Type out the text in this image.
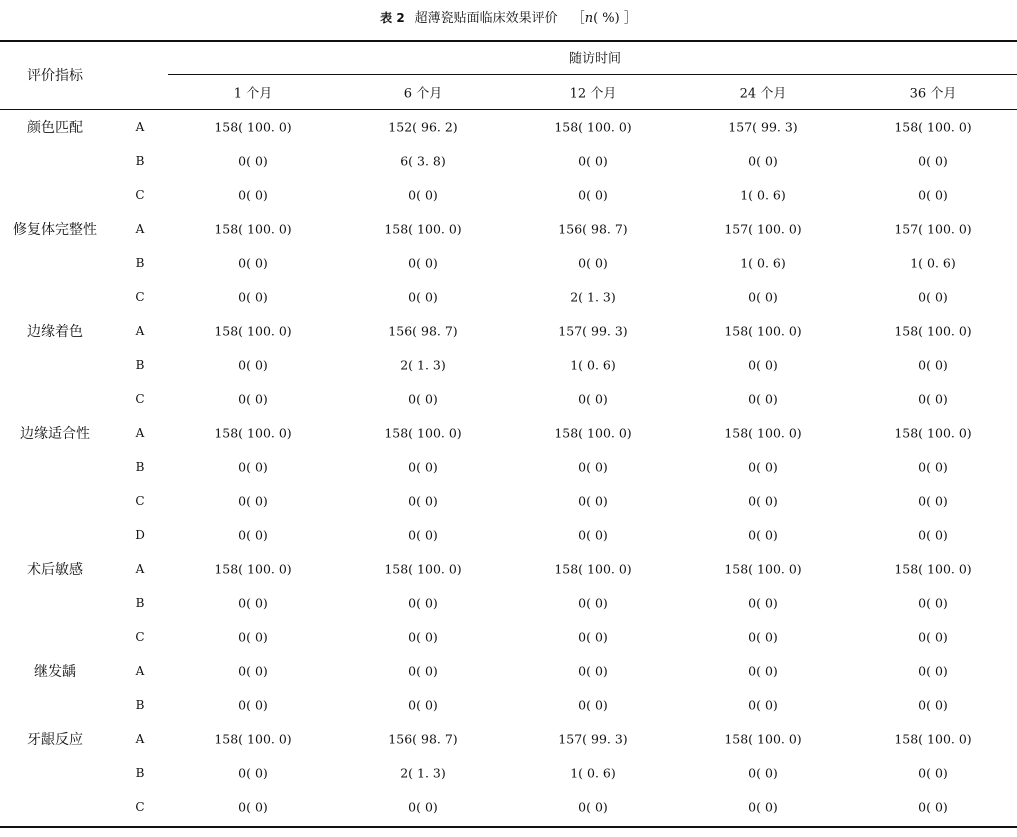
表 2 超薄瓷贴面临床效果评价 ［n( %) ］
评价指标
随访时间
1 个月	6 个月	12 个月	24 个月	36 个月
颜色匹配	A	158( 100. 0)	152( 96. 2)	158( 100. 0)	157( 99. 3)	158( 100. 0)
B	0( 0)	6( 3. 8)	0( 0)	0( 0)	0( 0)
C	0( 0)	0( 0)	0( 0)	1( 0. 6)	0( 0)
修复体完整性	A	158( 100. 0)	158( 100. 0)	156( 98. 7)	157( 100. 0)	157( 100. 0)
B	0( 0)	0( 0)	0( 0)	1( 0. 6)	1( 0. 6)
C	0( 0)	0( 0)	2( 1. 3)	0( 0)	0( 0)
边缘着色	A	158( 100. 0)	156( 98. 7)	157( 99. 3)	158( 100. 0)	158( 100. 0)
B	0( 0)	2( 1. 3)	1( 0. 6)	0( 0)	0( 0)
C	0( 0)	0( 0)	0( 0)	0( 0)	0( 0)
边缘适合性	A	158( 100. 0)	158( 100. 0)	158( 100. 0)	158( 100. 0)	158( 100. 0)
B	0( 0)	0( 0)	0( 0)	0( 0)	0( 0)
C	0( 0)	0( 0)	0( 0)	0( 0)	0( 0)
D	0( 0)	0( 0)	0( 0)	0( 0)	0( 0)
术后敏感	A	158( 100. 0)	158( 100. 0)	158( 100. 0)	158( 100. 0)	158( 100. 0)
B	0( 0)	0( 0)	0( 0)	0( 0)	0( 0)
C	0( 0)	0( 0)	0( 0)	0( 0)	0( 0)
继发龋	A	0( 0)	0( 0)	0( 0)	0( 0)	0( 0)
B	0( 0)	0( 0)	0( 0)	0( 0)	0( 0)
牙龈反应	A	158( 100. 0)	156( 98. 7)	157( 99. 3)	158( 100. 0)	158( 100. 0)
B	0( 0)	2( 1. 3)	1( 0. 6)	0( 0)	0( 0)
C	0( 0)	0( 0)	0( 0)	0( 0)	0( 0)
